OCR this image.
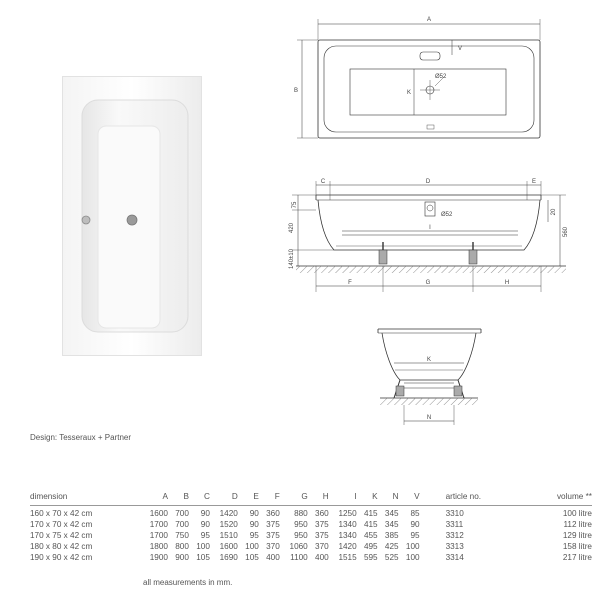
A
B
V
K
Ø52
C	D	E
I
Ø52
F	G	H
75
420
140±10
20
560
K
N
Design: Tesseraux + Partner
dimension	A	B	C	D	E	F	G	H	I	K	N	V	article no.	volume **
160 x 70 x 42 cm	1600	700	90	1420	90	360	880	360	1250	415	345	85	3310	100 litre
170 x 70 x 42 cm	1700	700	90	1520	90	375	950	375	1340	415	345	90	3311	112 litre
170 x 75 x 42 cm	1700	750	95	1510	95	375	950	375	1340	455	385	95	3312	129 litre
180 x 80 x 42 cm	1800	800	100	1600	100	370	1060	370	1420	495	425	100	3313	158 litre
190 x 90 x 42 cm	1900	900	105	1690	105	400	1100	400	1515	595	525	100	3314	217 litre
all measurements in mm.
